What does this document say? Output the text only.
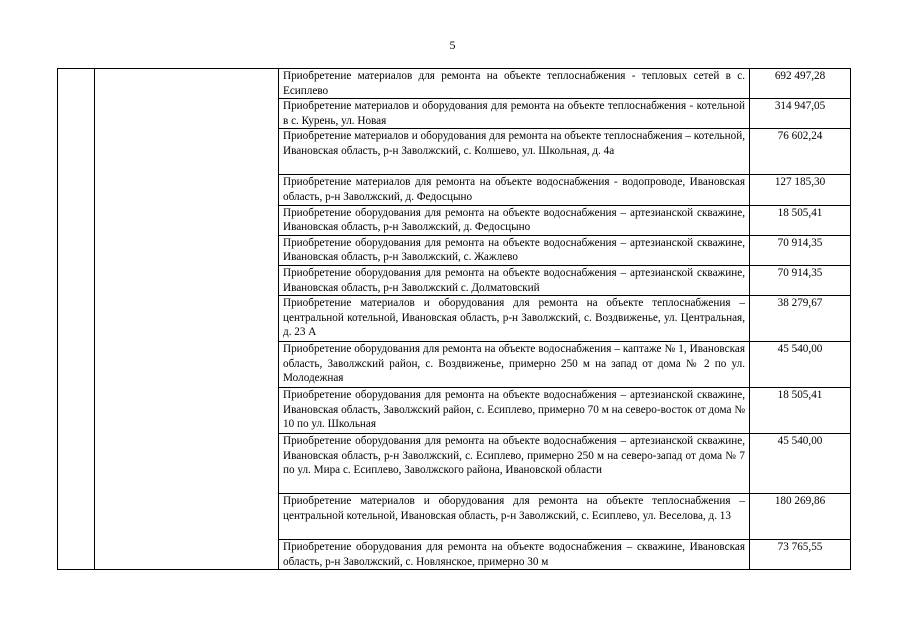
5
		Приобретение материалов для ремонта на объекте теплоснабжения - тепловых сетей в с. Есиплево	692 497,28
		Приобретение материалов и оборудования для ремонта на объекте теплоснабжения - котельной в с. Курень, ул. Новая	314 947,05
		Приобретение материалов и оборудования для ремонта на объекте теплоснабжения – котельной, Ивановская область, р-н Заволжский, с. Колшево, ул. Школьная, д. 4а	76 602,24
		Приобретение материалов для ремонта на объекте водоснабжения - водопроводе, Ивановская область, р-н Заволжский, д. Федосцыно	127 185,30
		Приобретение оборудования для ремонта на объекте водоснабжения – артезианской скважине, Ивановская область, р-н Заволжский, д. Федосцыно	18 505,41
		Приобретение оборудования для ремонта на объекте водоснабжения – артезианской скважине, Ивановская область, р-н Заволжский, с. Жажлево	70 914,35
		Приобретение оборудования для ремонта на объекте водоснабжения – артезианской скважине, Ивановская область, р-н Заволжский с. Долматовский	70 914,35
		Приобретение материалов и оборудования для ремонта на объекте теплоснабжения – центральной котельной, Ивановская область, р-н Заволжский, с. Воздвиженье, ул. Центральная, д. 23 А	38 279,67
		Приобретение оборудования для ремонта на объекте водоснабжения – каптаже № 1, Ивановская область, Заволжский район, с. Воздвиженье, примерно 250 м на запад от дома № 2 по ул. Молодежная	45 540,00
		Приобретение оборудования для ремонта на объекте водоснабжения – артезианской скважине, Ивановская область, Заволжский район, с. Есиплево, примерно 70 м на северо-восток от дома № 10 по ул. Школьная	18 505,41
		Приобретение оборудования для ремонта на объекте водоснабжения – артезианской скважине, Ивановская область, р-н Заволжский, с. Есиплево, примерно 250 м на северо-запад от дома № 7 по ул. Мира с. Есиплево, Заволжского района, Ивановской области	45 540,00
		Приобретение материалов и оборудования для ремонта на объекте теплоснабжения – центральной котельной, Ивановская область, р-н Заволжский, с. Есиплево, ул. Веселова, д. 13	180 269,86
		Приобретение оборудования для ремонта на объекте водоснабжения – скважине, Ивановская область, р-н Заволжский, с. Новлянское, примерно 30 м	73 765,55
